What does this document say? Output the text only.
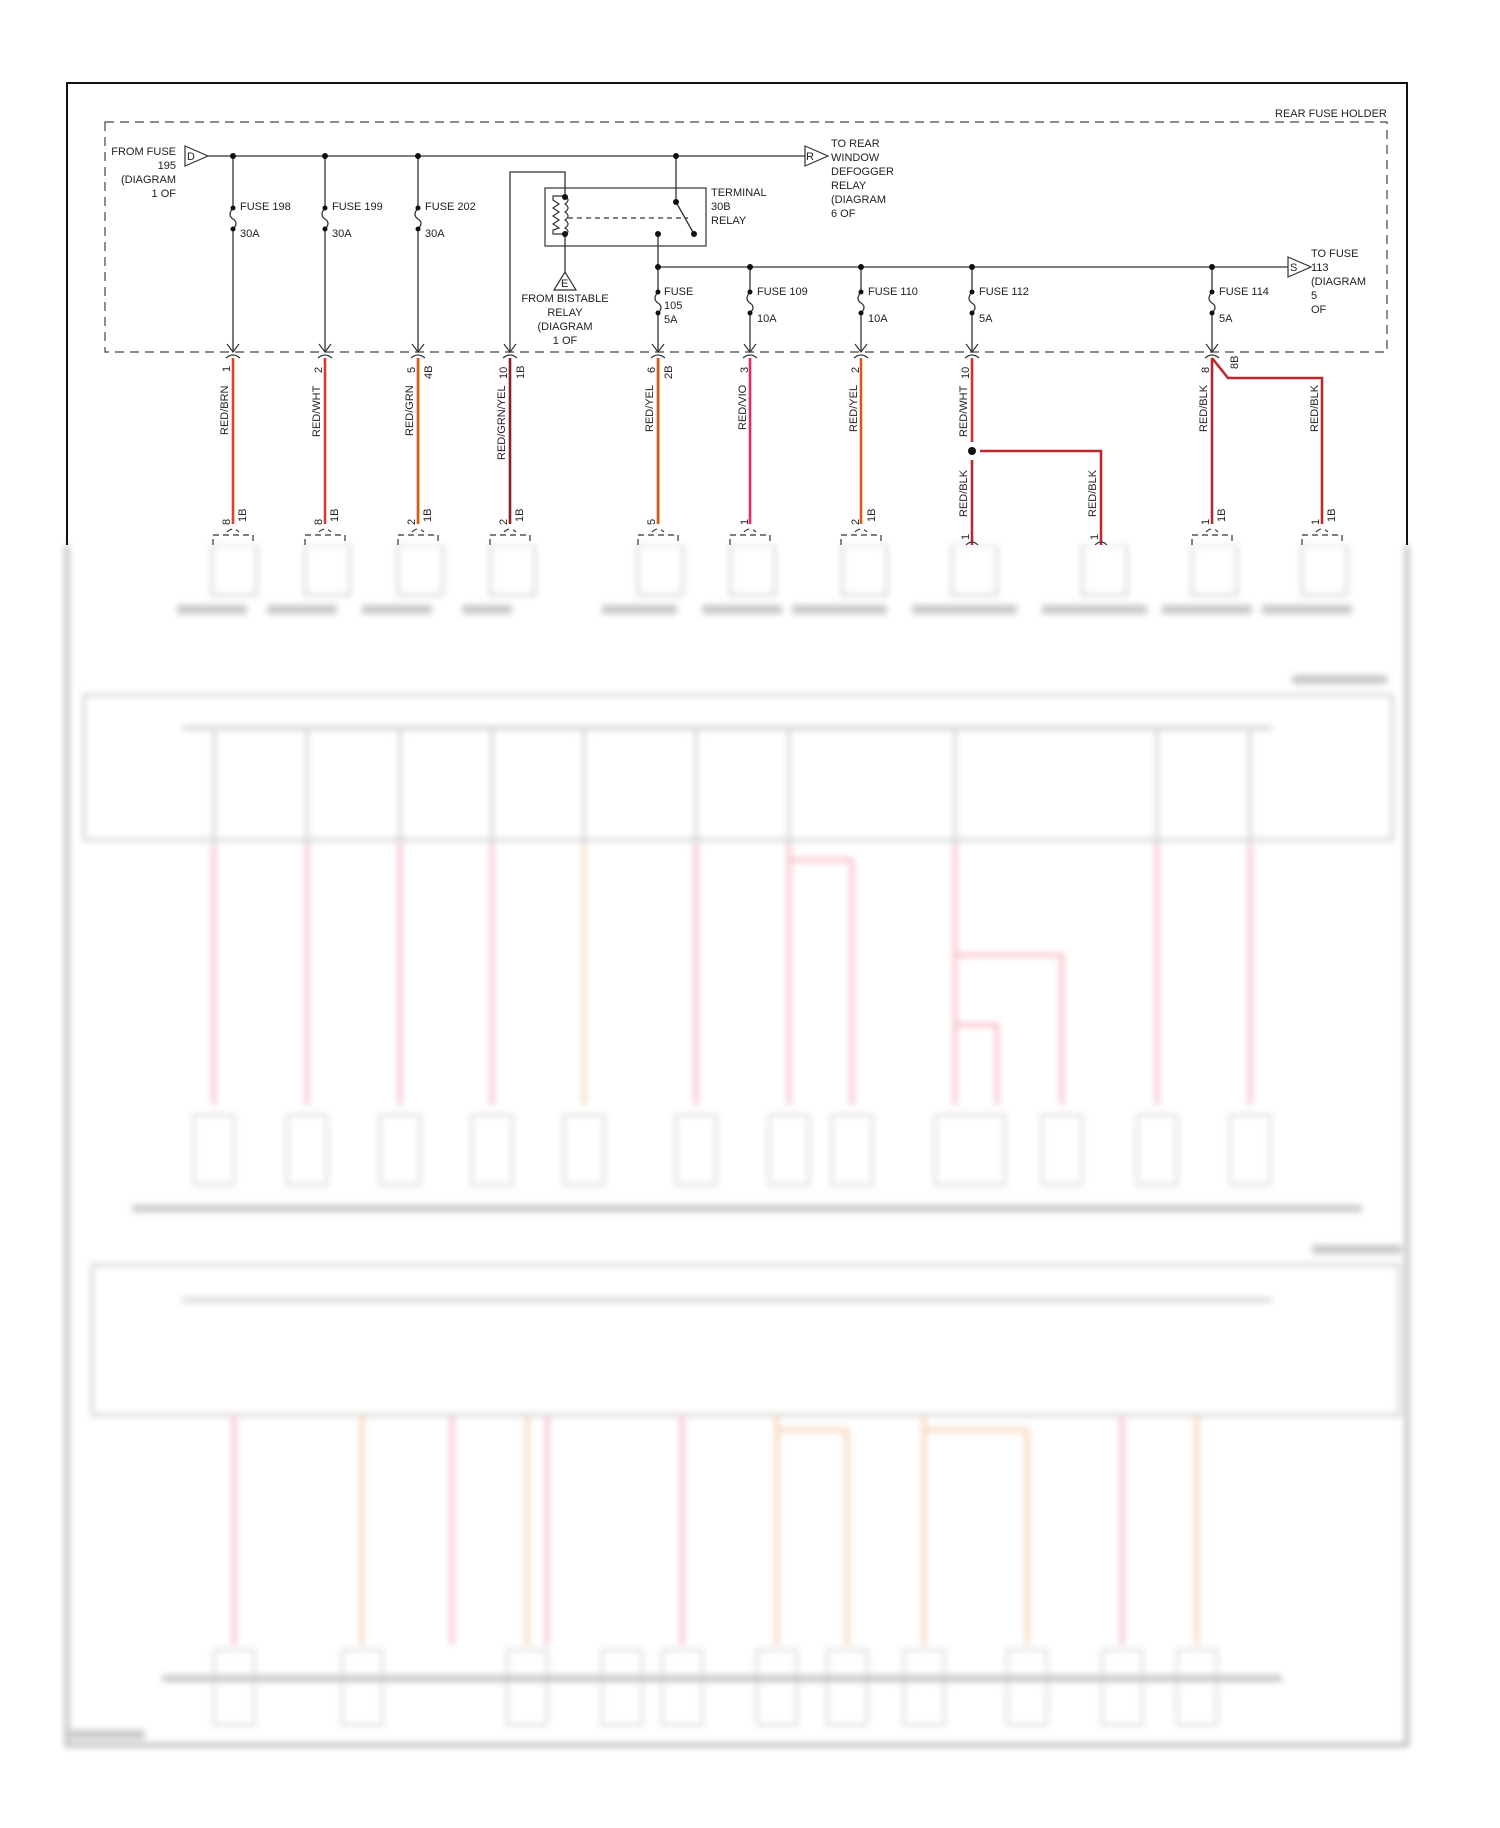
D	R
S
E
REAR FUSE HOLDER
FROM FUSE
195
(DIAGRAM
1 OF
TO REAR
WINDOW
DEFOGGER
RELAY
(DIAGRAM
6 OF
TERMINAL
30B
RELAY
FROM BISTABLE
RELAY
(DIAGRAM
1 OF
TO FUSE
113
(DIAGRAM
5
OF
FUSE 198
30A
FUSE 199
30A
FUSE 202
30A
FUSE
105
5A
FUSE 109
10A
FUSE 110
10A
FUSE 112
5A
FUSE 114
5A
RED/BRN	RED/WHT	RED/GRN	RED/GRN/YEL	RED/YEL	RED/VIO	RED/YEL	RED/WHT
RED/BLK	RED/BLK
RED/BLK	RED/BLK
1	2	5 4B	10 1B	6 2B	3	2	10	8
8B
8 1B	8 1B	2 1B	2 1B	5	1	2 1B
1	1
1 1B	1 1B
